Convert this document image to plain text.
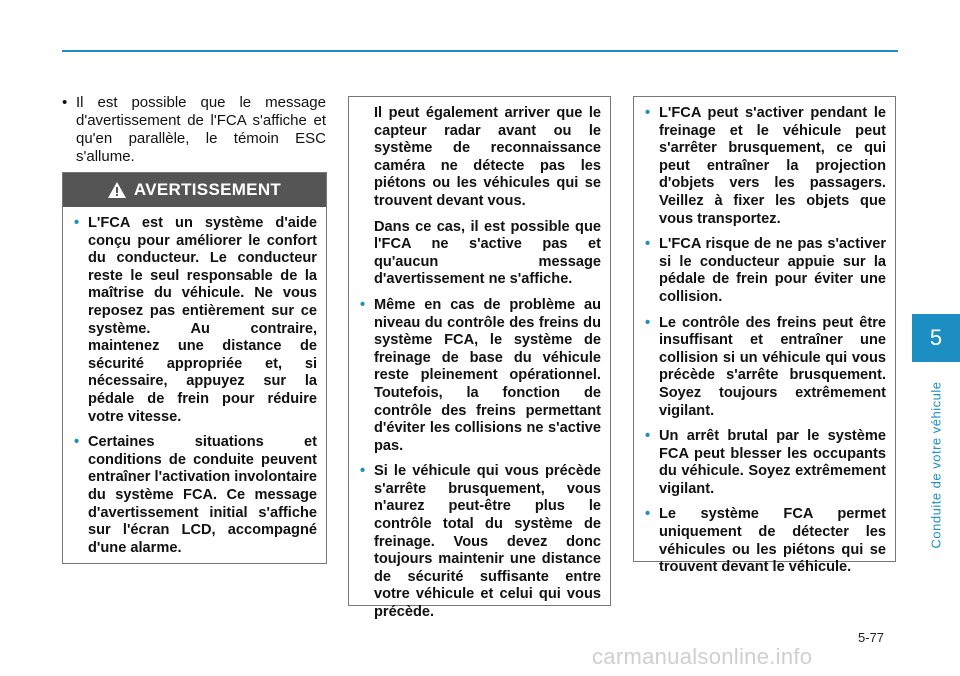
5
Conduite de votre véhicule
• Il est possible que le message d'avertissement de l'FCA s'affiche et qu'en parallèle, le témoin ESC s'allume.

AVERTISSEMENT
• L'FCA est un système d'aide conçu pour améliorer le confort du conducteur. Le conducteur reste le seul responsable de la maîtrise du véhicule. Ne vous reposez pas entièrement sur ce système. Au contraire, maintenez une distance de sécurité appropriée et, si nécessaire, appuyez sur la pédale de frein pour réduire votre vitesse.
• Certaines situations et conditions de conduite peuvent entraîner l'activation involontaire du système FCA. Ce message d'avertissement initial s'affiche sur l'écran LCD, accompagné d'une alarme.
Il peut également arriver que le capteur radar avant ou le système de reconnaissance caméra ne détecte pas les piétons ou les véhicules qui se trouvent devant vous.
Dans ce cas, il est possible que l'FCA ne s'active pas et qu'aucun message d'avertissement ne s'affiche.
• Même en cas de problème au niveau du contrôle des freins du système FCA, le système de freinage de base du véhicule reste pleinement opérationnel. Toutefois, la fonction de contrôle des freins permettant d'éviter les collisions ne s'active pas.
• Si le véhicule qui vous précède s'arrête brusquement, vous n'aurez peut-être plus le contrôle total du système de freinage. Vous devez donc toujours maintenir une distance de sécurité suffisante entre votre véhicule et celui qui vous précède.
• L'FCA peut s'activer pendant le freinage et le véhicule peut s'arrêter brusquement, ce qui peut entraîner la projection d'objets vers les passagers. Veillez à fixer les objets que vous transportez.
• L'FCA risque de ne pas s'activer si le conducteur appuie sur la pédale de frein pour éviter une collision.
• Le contrôle des freins peut être insuffisant et entraîner une collision si un véhicule qui vous précède s'arrête brusquement. Soyez toujours extrêmement vigilant.
• Un arrêt brutal par le système FCA peut blesser les occupants du véhicule. Soyez extrêmement vigilant.
• Le système FCA permet uniquement de détecter les véhicules ou les piétons qui se trouvent devant le véhicule.
5-77
carmanualsonline.info
